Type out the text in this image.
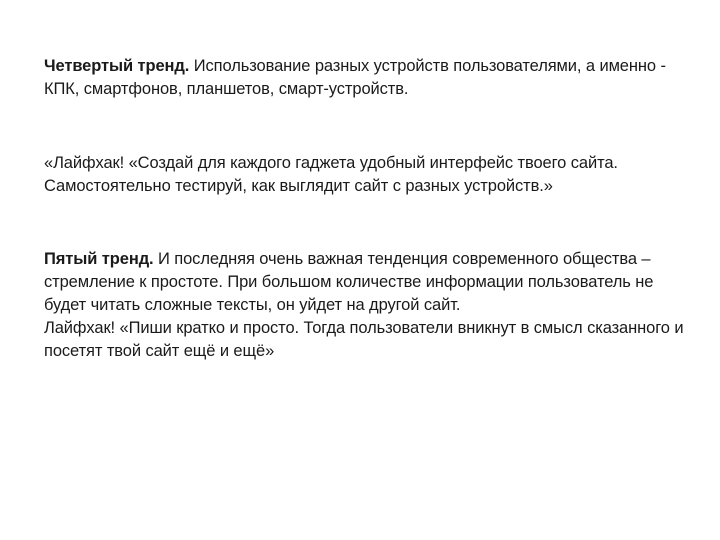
Четвертый тренд. Использование разных устройств пользователями, а именно - КПК, смартфонов, планшетов, смарт-устройств.

«Лайфхак! «Создай для каждого гаджета удобный интерфейс твоего сайта. Самостоятельно тестируй, как выглядит сайт с разных устройств.»

Пятый тренд. И последняя очень важная тенденция современного общества – стремление к простоте. При большом количестве информации пользователь не будет читать сложные тексты, он уйдет на другой сайт.

Лайфхак! «Пиши кратко и просто. Тогда пользователи вникнут в смысл сказанного и посетят твой сайт ещё и ещё»
